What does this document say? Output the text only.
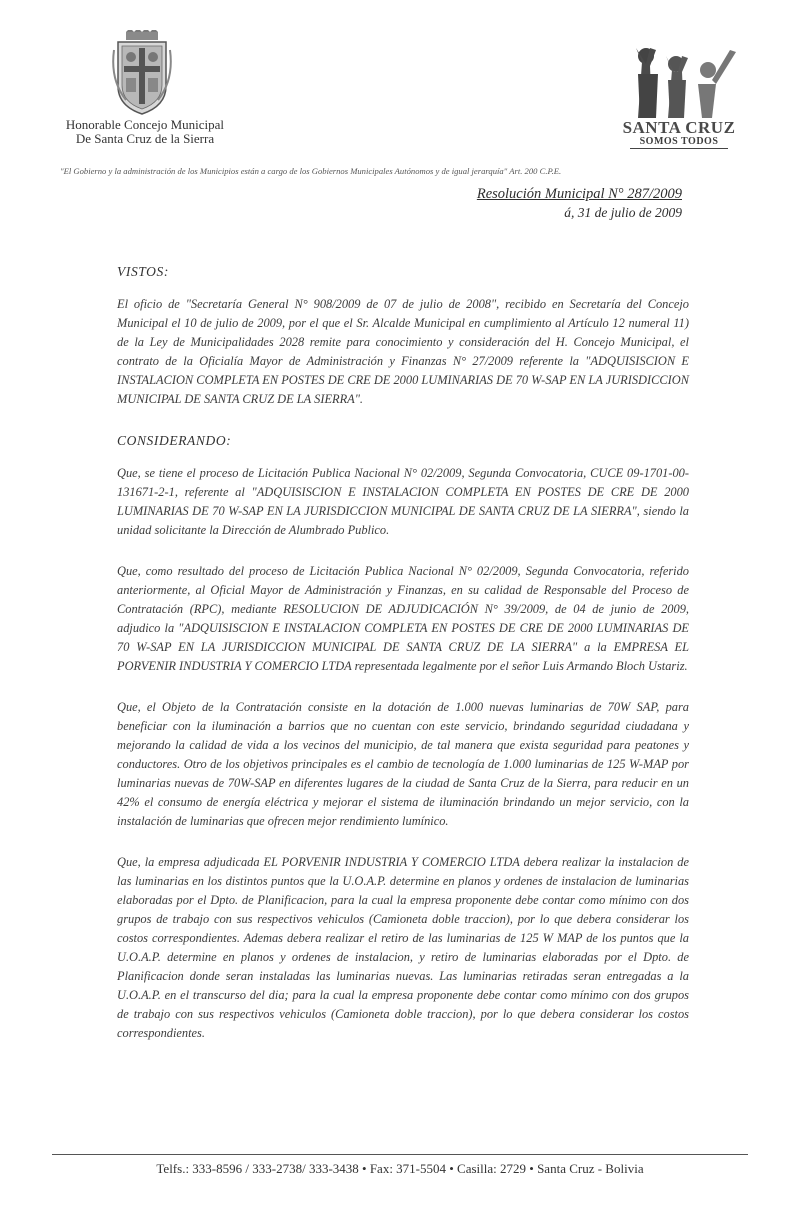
Honorable Concejo Municipal
De Santa Cruz de la Sierra
SANTA CRUZ
SOMOS TODOS
"El Gobierno y la administración de los Municipios están a cargo de los Gobiernos Municipales Autónomos y de igual jerarquía" Art. 200 C.P.E.
Resolución Municipal N° 287/2009
á, 31 de julio de 2009
VISTOS:

El oficio de "Secretaría General N° 908/2009 de 07 de julio de 2008", recibido en Secretaría del Concejo Municipal el 10 de julio de 2009, por el que el Sr. Alcalde Municipal en cumplimiento al Artículo 12 numeral 11) de la Ley de Municipalidades 2028 remite para conocimiento y consideración del H. Concejo Municipal, el contrato de la Oficialía Mayor de Administración y Finanzas N° 27/2009 referente la "ADQUISISCION E INSTALACION COMPLETA EN POSTES DE CRE DE 2000 LUMINARIAS DE 70 W-SAP EN LA JURISDICCION MUNICIPAL DE SANTA CRUZ DE LA SIERRA".

CONSIDERANDO:

Que, se tiene el proceso de Licitación Publica Nacional N° 02/2009, Segunda Convocatoria, CUCE 09-1701-00-131671-2-1, referente al "ADQUISISCION E INSTALACION COMPLETA EN POSTES DE CRE DE 2000 LUMINARIAS DE 70 W-SAP EN LA JURISDICCION MUNICIPAL DE SANTA CRUZ DE LA SIERRA", siendo la unidad solicitante la Dirección de Alumbrado Publico.

Que, como resultado del proceso de Licitación Publica Nacional N° 02/2009, Segunda Convocatoria, referido anteriormente, al Oficial Mayor de Administración y Finanzas, en su calidad de Responsable del Proceso de Contratación (RPC), mediante RESOLUCION DE ADJUDICACIÓN N° 39/2009, de 04 de junio de 2009, adjudico la "ADQUISISCION E INSTALACION COMPLETA EN POSTES DE CRE DE 2000 LUMINARIAS DE 70 W-SAP EN LA JURISDICCION MUNICIPAL DE SANTA CRUZ DE LA SIERRA" a la EMPRESA EL PORVENIR INDUSTRIA Y COMERCIO LTDA representada legalmente por el señor Luis Armando Bloch Ustariz.

Que, el Objeto de la Contratación consiste en la dotación de 1.000 nuevas luminarias de 70W SAP, para beneficiar con la iluminación a barrios que no cuentan con este servicio, brindando seguridad ciudadana y mejorando la calidad de vida a los vecinos del municipio, de tal manera que exista seguridad para peatones y conductores. Otro de los objetivos principales es el cambio de tecnología de 1.000 luminarias de 125 W-MAP por luminarias nuevas de 70W-SAP en diferentes lugares de la ciudad de Santa Cruz de la Sierra, para reducir en un 42% el consumo de energía eléctrica y mejorar el sistema de iluminación brindando un mejor servicio, con la instalación de luminarias que ofrecen mejor rendimiento lumínico.

Que, la empresa adjudicada EL PORVENIR INDUSTRIA Y COMERCIO LTDA debera realizar la instalacion de las luminarias en los distintos puntos que la U.O.A.P. determine en planos y ordenes de instalacion de luminarias elaboradas por el Dpto. de Planificacion, para la cual la empresa proponente debe contar como mínimo con dos grupos de trabajo con sus respectivos vehiculos (Camioneta doble traccion), por lo que debera considerar los costos correspondientes. Ademas debera realizar el retiro de las luminarias de 125 W MAP de los puntos que la U.O.A.P. determine en planos y ordenes de instalacion, y retiro de luminarias elaboradas por el Dpto. de Planificacion donde seran instaladas las luminarias nuevas. Las luminarias retiradas seran entregadas a la U.O.A.P. en el transcurso del dia; para la cual la empresa proponente debe contar como mínimo con dos grupos de trabajo con sus respectivos vehiculos (Camioneta doble traccion), por lo que debera considerar los costos correspondientes.

Telfs.: 333-8596 / 333-2738/ 333-3438 • Fax: 371-5504 • Casilla: 2729 • Santa Cruz - Bolivia
